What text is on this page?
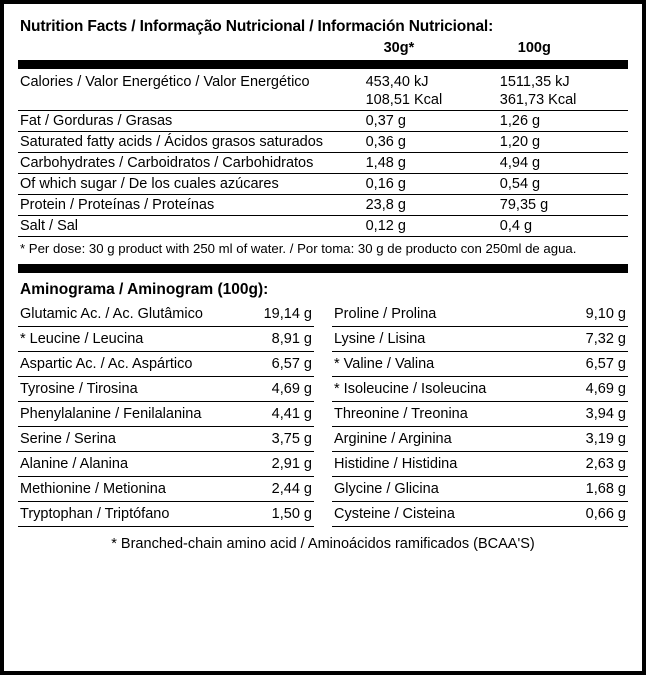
Nutrition Facts / Informação Nutricional / Información Nutricional:
	30g*	100g
Calories / Valor Energético / Valor Energético	453,40 kJ	1511,35 kJ
	108,51 Kcal	361,73 Kcal
Fat / Gorduras / Grasas	0,37 g	1,26 g
Saturated fatty acids / Ácidos grasos saturados	0,36 g	1,20 g
Carbohydrates / Carboidratos / Carbohidratos	1,48 g	4,94 g
Of which sugar / De los cuales azúcares	0,16 g	0,54 g
Protein / Proteínas / Proteínas	23,8 g	79,35 g
Salt / Sal	0,12 g	0,4 g
* Per dose: 30 g product with 250 ml of water. / Por toma: 30 g de producto con 250ml de agua.
Aminograma / Aminogram (100g):
Glutamic Ac. / Ac. Glutâmico	19,14 g
* Leucine / Leucina	8,91 g
Aspartic Ac. / Ac. Aspártico	6,57 g
Tyrosine / Tirosina	4,69 g
Phenylalanine / Fenilalanina	4,41 g
Serine / Serina	3,75 g
Alanine / Alanina	2,91 g
Methionine / Metionina	2,44 g
Tryptophan / Triptófano	1,50 g
Proline / Prolina	9,10 g
Lysine / Lisina	7,32 g
* Valine / Valina	6,57 g
* Isoleucine / Isoleucina	4,69 g
Threonine / Treonina	3,94 g
Arginine / Arginina	3,19 g
Histidine / Histidina	2,63 g
Glycine / Glicina	1,68 g
Cysteine / Cisteina	0,66 g
* Branched-chain amino acid / Aminoácidos ramificados (BCAA'S)
